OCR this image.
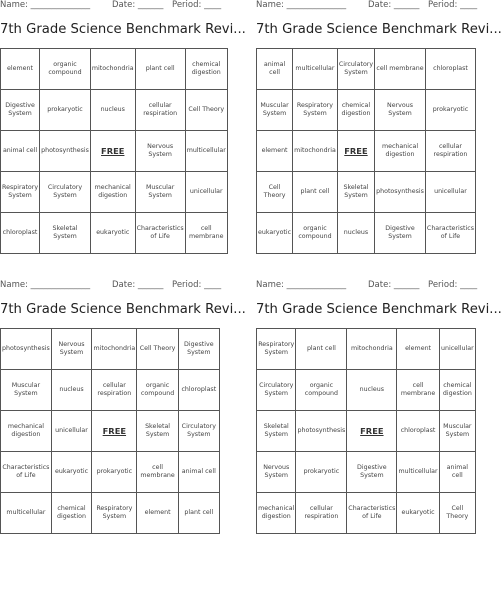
Name: ______________	Date: ______ Period: ____
7th Grade Science Benchmark Revi...
element	organic compound	mitochondria	plant cell	chemical digestion
Digestive System	prokaryotic	nucleus	cellular respiration	Cell Theory
animal cell	photosynthesis	FREE	Nervous System	multicellular
Respiratory System	Circulatory System	mechanical digestion	Muscular System	unicellular
chloroplast	Skeletal System	eukaryotic	Characteristics of Life	cell membrane
Name: ______________	Date: ______ Period: ____
7th Grade Science Benchmark Revi...
animal cell	multicellular	Circulatory System	cell membrane	chloroplast
Muscular System	Respiratory System	chemical digestion	Nervous System	prokaryotic
element	mitochondria	FREE	mechanical digestion	cellular respiration
Cell Theory	plant cell	Skeletal System	photosynthesis	unicellular
eukaryotic	organic compound	nucleus	Digestive System	Characteristics of Life
Name: ______________	Date: ______ Period: ____
7th Grade Science Benchmark Revi...
photosynthesis	Nervous System	mitochondria	Cell Theory	Digestive System
Muscular System	nucleus	cellular respiration	organic compound	chloroplast
mechanical digestion	unicellular	FREE	Skeletal System	Circulatory System
Characteristics of Life	eukaryotic	prokaryotic	cell membrane	animal cell
multicellular	chemical digestion	Respiratory System	element	plant cell
Name: ______________	Date: ______ Period: ____
7th Grade Science Benchmark Revi...
Respiratory System	plant cell	mitochondria	element	unicellular
Circulatory System	organic compound	nucleus	cell membrane	chemical digestion
Skeletal System	photosynthesis	FREE	chloroplast	Muscular System
Nervous System	prokaryotic	Digestive System	multicellular	animal cell
mechanical digestion	cellular respiration	Characteristics of Life	eukaryotic	Cell Theory
